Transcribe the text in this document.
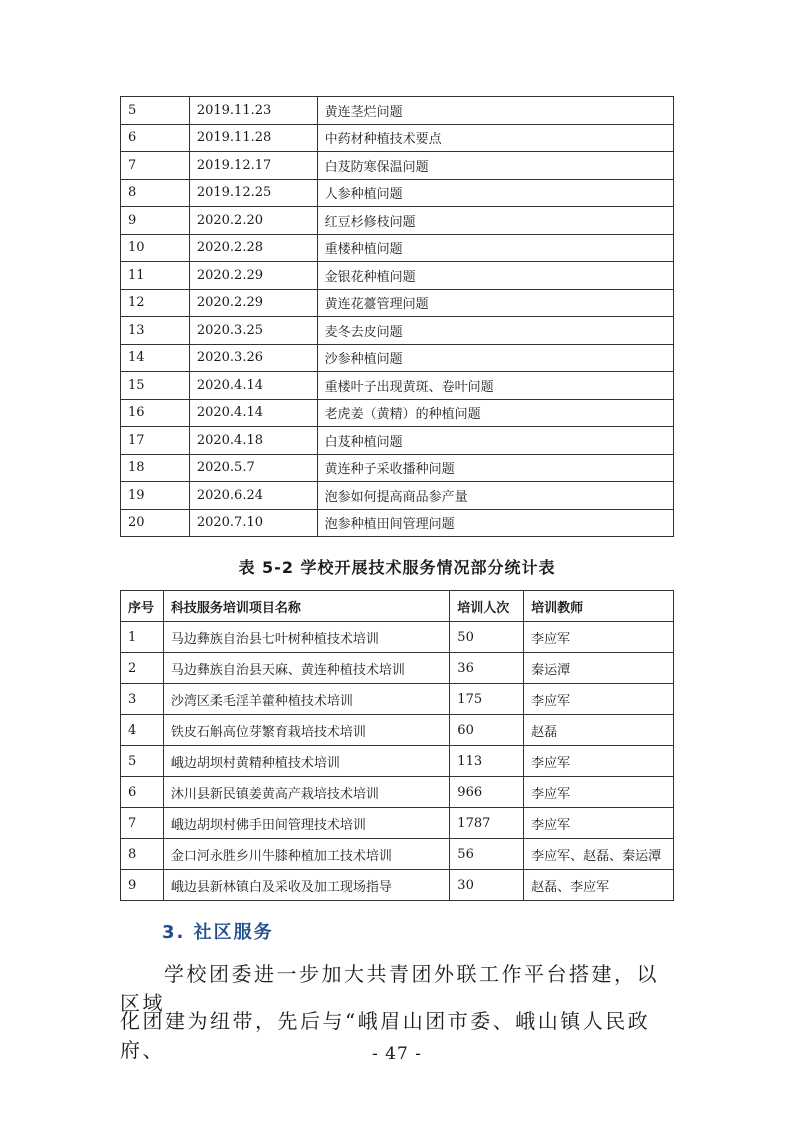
5	2019.11.23	黄连茎烂问题
6	2019.11.28	中药材种植技术要点
7	2019.12.17	白芨防寒保温问题
8	2019.12.25	人参种植问题
9	2020.2.20	红豆杉修枝问题
10	2020.2.28	重楼种植问题
11	2020.2.29	金银花种植问题
12	2020.2.29	黄连花薹管理问题
13	2020.3.25	麦冬去皮问题
14	2020.3.26	沙参种植问题
15	2020.4.14	重楼叶子出现黄斑、卷叶问题
16	2020.4.14	老虎姜（黄精）的种植问题
17	2020.4.18	白芨种植问题
18	2020.5.7	黄连种子采收播种问题
19	2020.6.24	泡参如何提高商品参产量
20	2020.7.10	泡参种植田间管理问题
表 5-2 学校开展技术服务情况部分统计表
序号	科技服务培训项目名称	培训人次	培训教师
1	马边彝族自治县七叶树种植技术培训	50	李应军
2	马边彝族自治县天麻、黄连种植技术培训	36	秦运潭
3	沙湾区柔毛淫羊藿种植技术培训	175	李应军
4	铁皮石斛高位芽繁育栽培技术培训	60	赵磊
5	峨边胡坝村黄精种植技术培训	113	李应军
6	沐川县新民镇姜黄高产栽培技术培训	966	李应军
7	峨边胡坝村佛手田间管理技术培训	1787	李应军
8	金口河永胜乡川牛膝种植加工技术培训	56	李应军、赵磊、秦运潭
9	峨边县新林镇白及采收及加工现场指导	30	赵磊、李应军
3. 社区服务
学校团委进一步加大共青团外联工作平台搭建，以区域
化团建为纽带，先后与“峨眉山团市委、峨山镇人民政府、	- 47 -
